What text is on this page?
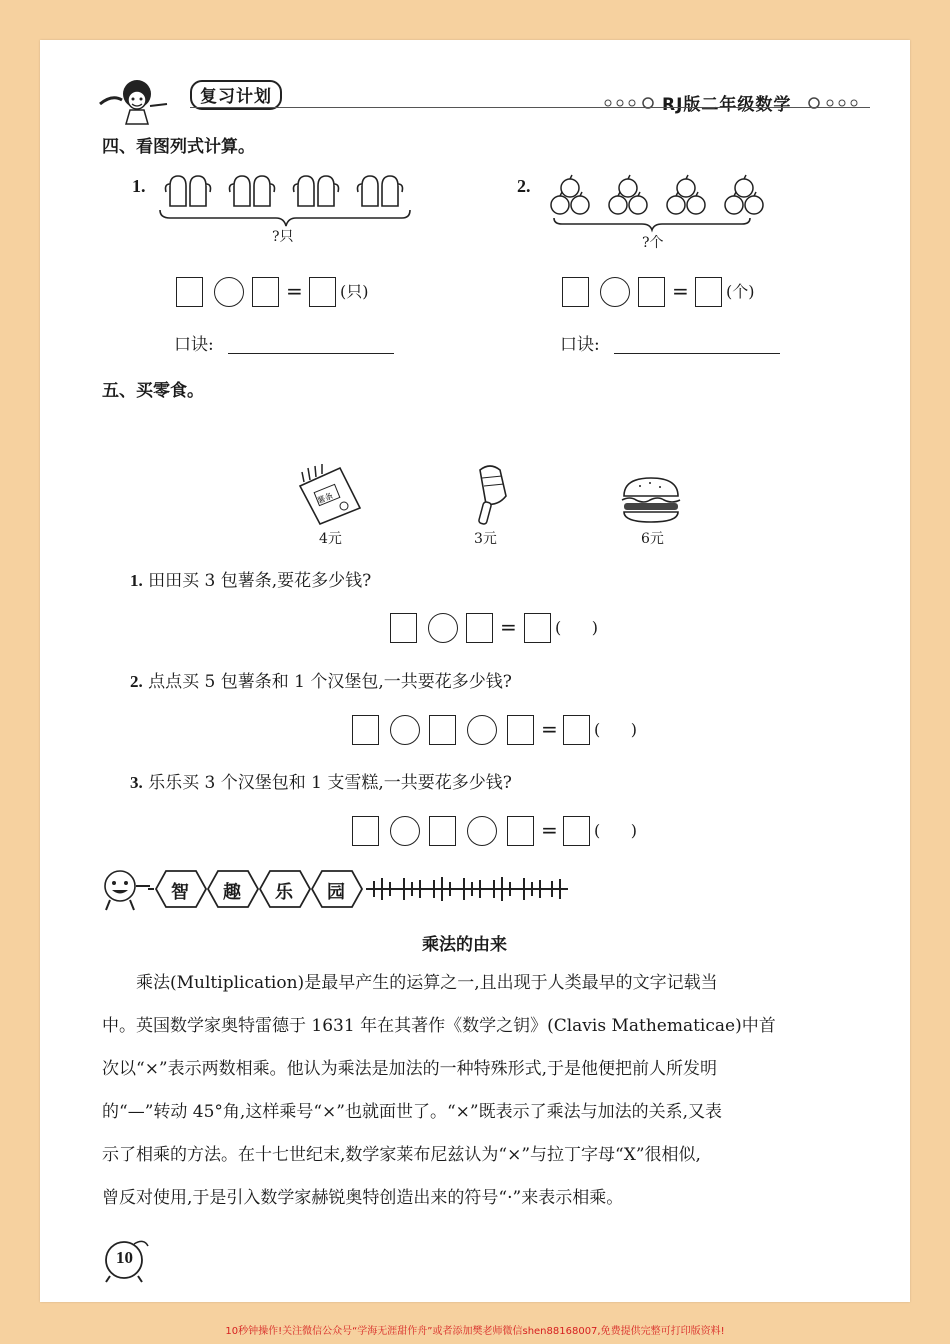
复习计划	RJ版二年级数学
四、看图列式计算。
1.
?只
= (只)
口诀:
2.
?个
= (个)
口诀:
五、买零食。
薯条
4元	3元	6元
1. 田田买 3 包薯条,要花多少钱?
= (      )
2. 点点买 5 包薯条和 1 个汉堡包,一共要花多少钱?
= (      )
3. 乐乐买 3 个汉堡包和 1 支雪糕,一共要花多少钱?
= (      )
智 趣 乐 园
乘法的由来
乘法(Multiplication)是最早产生的运算之一,且出现于人类最早的文字记载当
中。英国数学家奥特雷德于 1631 年在其著作《数学之钥》(Clavis Mathematicae)中首
次以“×”表示两数相乘。他认为乘法是加法的一种特殊形式,于是他便把前人所发明
的“—”转动 45°角,这样乘号“×”也就面世了。“×”既表示了乘法与加法的关系,又表
示了相乘的方法。在十七世纪末,数学家莱布尼兹认为“×”与拉丁字母“X”很相似,
曾反对使用,于是引入数学家赫锐奥特创造出来的符号“·”来表示相乘。
10
10秒钟操作!关注微信公众号“学海无涯甜作舟”或者添加樊老师微信shen88168007,免费提供完整可打印版资料!
